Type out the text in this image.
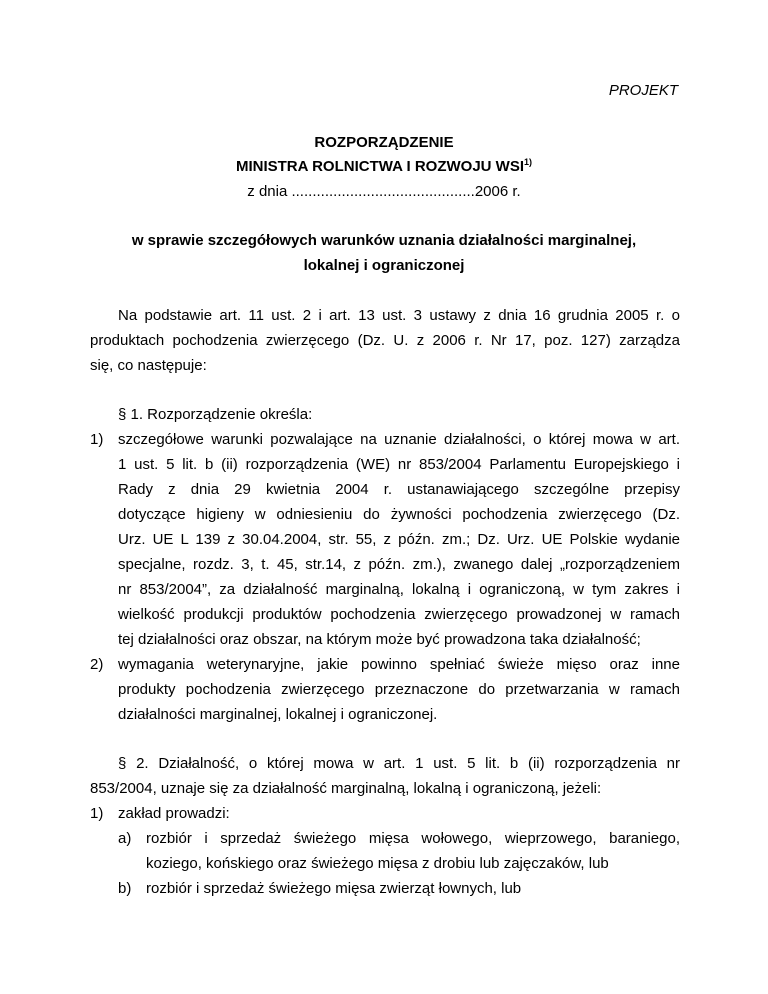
PROJEKT
ROZPORZĄDZENIE
MINISTRA ROLNICTWA I ROZWOJU WSI$^{1)}$
z dnia ............................................2006 r.
w sprawie szczegółowych warunków uznania działalności marginalnej,
lokalnej i ograniczonej
Na podstawie art. 11 ust. 2 i art. 13 ust. 3 ustawy z dnia 16 grudnia 2005 r. o
produktach pochodzenia zwierzęcego (Dz. U. z 2006 r. Nr 17, poz. 127) zarządza
się, co następuje:
§ 1. Rozporządzenie określa:
1) szczegółowe warunki pozwalające na uznanie działalności, o której mowa w art.
1 ust. 5 lit. b (ii) rozporządzenia (WE) nr 853/2004 Parlamentu Europejskiego i
Rady z dnia 29 kwietnia 2004 r. ustanawiającego szczególne przepisy
dotyczące higieny w odniesieniu do żywności pochodzenia zwierzęcego (Dz.
Urz. UE L 139 z 30.04.2004, str. 55, z późn. zm.; Dz. Urz. UE Polskie wydanie
specjalne, rozdz. 3, t. 45, str.14, z późn. zm.), zwanego dalej „rozporządzeniem
nr 853/2004”, za działalność marginalną, lokalną i ograniczoną, w tym zakres i
wielkość produkcji produktów pochodzenia zwierzęcego prowadzonej w ramach
tej działalności oraz obszar, na którym może być prowadzona taka działalność;
2) wymagania weterynaryjne, jakie powinno spełniać świeże mięso oraz inne
produkty pochodzenia zwierzęcego przeznaczone do przetwarzania w ramach
działalności marginalnej, lokalnej i ograniczonej.
§ 2. Działalność, o której mowa w art. 1 ust. 5 lit. b (ii) rozporządzenia nr
853/2004, uznaje się za działalność marginalną, lokalną i ograniczoną, jeżeli:
1) zakład prowadzi:
a) rozbiór i sprzedaż świeżego mięsa wołowego, wieprzowego, baraniego,
koziego, końskiego oraz świeżego mięsa z drobiu lub zajęczaków, lub
b) rozbiór i sprzedaż świeżego mięsa zwierząt łownych, lub
